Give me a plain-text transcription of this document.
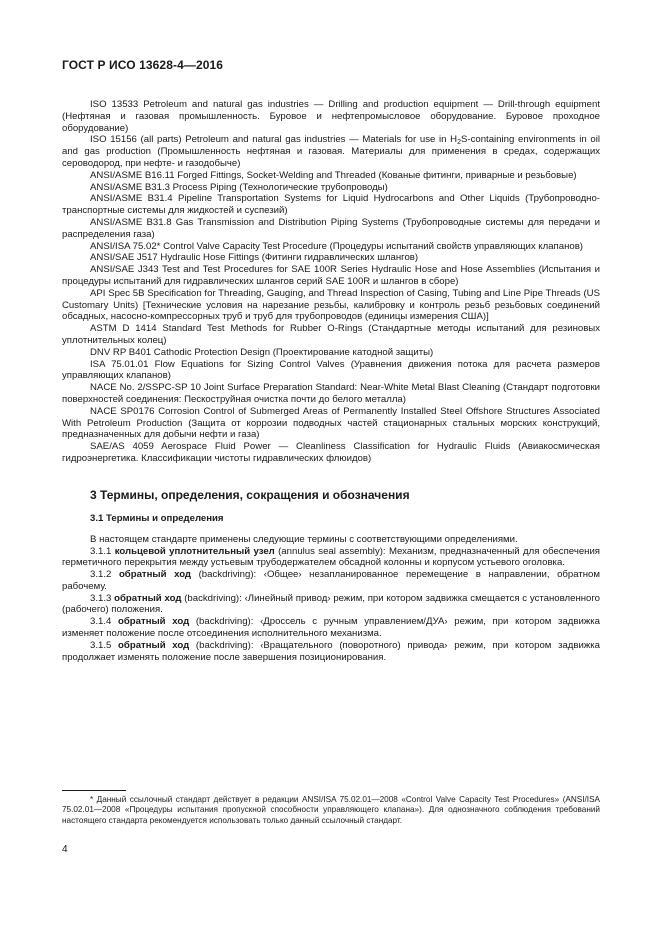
ГОСТ Р ИСО 13628-4—2016

ISO 13533 Petroleum and natural gas industries — Drilling and production equipment — Drill-through equipment (Нефтяная и газовая промышленность. Буровое и нефтепромысловое оборудование. Буровое проходное оборудование)

ISO 15156 (all parts) Petroleum and natural gas industries — Materials for use in $H_2S$-containing environments in oil and gas production (Промышленность нефтяная и газовая. Материалы для применения в средах, содержащих сероводород, при нефте- и газодобыче)

ANSI/ASME B16.11 Forged Fittings, Socket-Welding and Threaded (Кованые фитинги, приварные и резьбовые)

ANSI/ASME B31.3 Process Piping (Технологические трубопроводы)

ANSI/ASME B31.4 Pipeline Transportation Systems for Liquid Hydrocarbons and Other Liquids (Трубопроводно-транспортные системы для жидкостей и суспезий)

ANSI/ASME B31.8 Gas Transmission and Distribution Piping Systems (Трубопроводные системы для передачи и распределения газа)

ANSI/ISA 75.02* Control Valve Capacity Test Procedure (Процедуры испытаний свойств управляющих клапанов)

ANSI/SAE J517 Hydraulic Hose Fittings (Фитинги гидравлических шлангов)

ANSI/SAE J343 Test and Test Procedures for SAE 100R Series Hydraulic Hose and Hose Assemblies (Испытания и процедуры испытаний для гидравлических шлангов серий SAE 100R и шлангов в сборе)

API Spec 5B Specification for Threading, Gauging, and Thread Inspection of Casing, Tubing and Line Pipe Threads (US Customary Units) [Технические условия на нарезание резьбы, калибровку и контроль резьб резьбовых соединений обсадных, насосно-компрессорных труб и труб для трубопроводов (единицы измерения США)]

ASTM D 1414 Standard Test Methods for Rubber O-Rings (Стандартные методы испытаний для резиновых уплотнительных колец)

DNV RP B401 Cathodic Protection Design (Проектирование катодной защиты)

ISA 75.01.01 Flow Equations for Sizing Control Valves (Уравнения движения потока для расчета размеров управляющих клапанов)

NACE No. 2/SSPC-SP 10 Joint Surface Preparation Standard: Near-White Metal Blast Cleaning (Стандарт подготовки поверхностей соединения: Пескоструйная очистка почти до белого металла)

NACE SP0176 Corrosion Control of Submerged Areas of Permanently Installed Steel Offshore Structures Associated With Petroleum Production (Защита от коррозии подводных частей стационарных стальных морских конструкций, предназначенных для добычи нефти и газа)

SAE/AS 4059 Aerospace Fluid Power — Cleanliness Classification for Hydraulic Fluids (Авиакосмическая гидроэнергетика. Классификации чистоты гидравлических флюидов)

3 Термины, определения, сокращения и обозначения
3.1 Термины и определения

В настоящем стандарте применены следующие термины с соответствующими определениями.

3.1.1 кольцевой уплотнительный узел (annulus seal assembly): Механизм, предназначенный для обеспечения герметичного перекрытия между устьевым трубодержателем обсадной колонны и корпусом устьевого оголовка.

3.1.2 обратный ход (backdriving): ‹Общее› незапланированное перемещение в направлении, обратном рабочему.

3.1.3 обратный ход (backdriving): ‹Линейный привод› режим, при котором задвижка смещается с установленного (рабочего) положения.

3.1.4 обратный ход (backdriving): ‹Дроссель с ручным управлением/ДУА› режим, при котором задвижка изменяет положение после отсоединения исполнительного механизма.

3.1.5 обратный ход (backdriving): ‹Вращательного (поворотного) привода› режим, при котором задвижка продолжает изменять положение после завершения позиционирования.

* Данный ссылочный стандарт действует в редакции ANSI/ISA 75.02.01—2008 «Control Valve Capacity Test Procedures» (ANSI/ISA 75.02.01—2008 «Процедуры испытания пропускной способности управляющего клапана»). Для однозначного соблюдения требований настоящего стандарта рекомендуется использовать только данный ссылочный стандарт.

4
